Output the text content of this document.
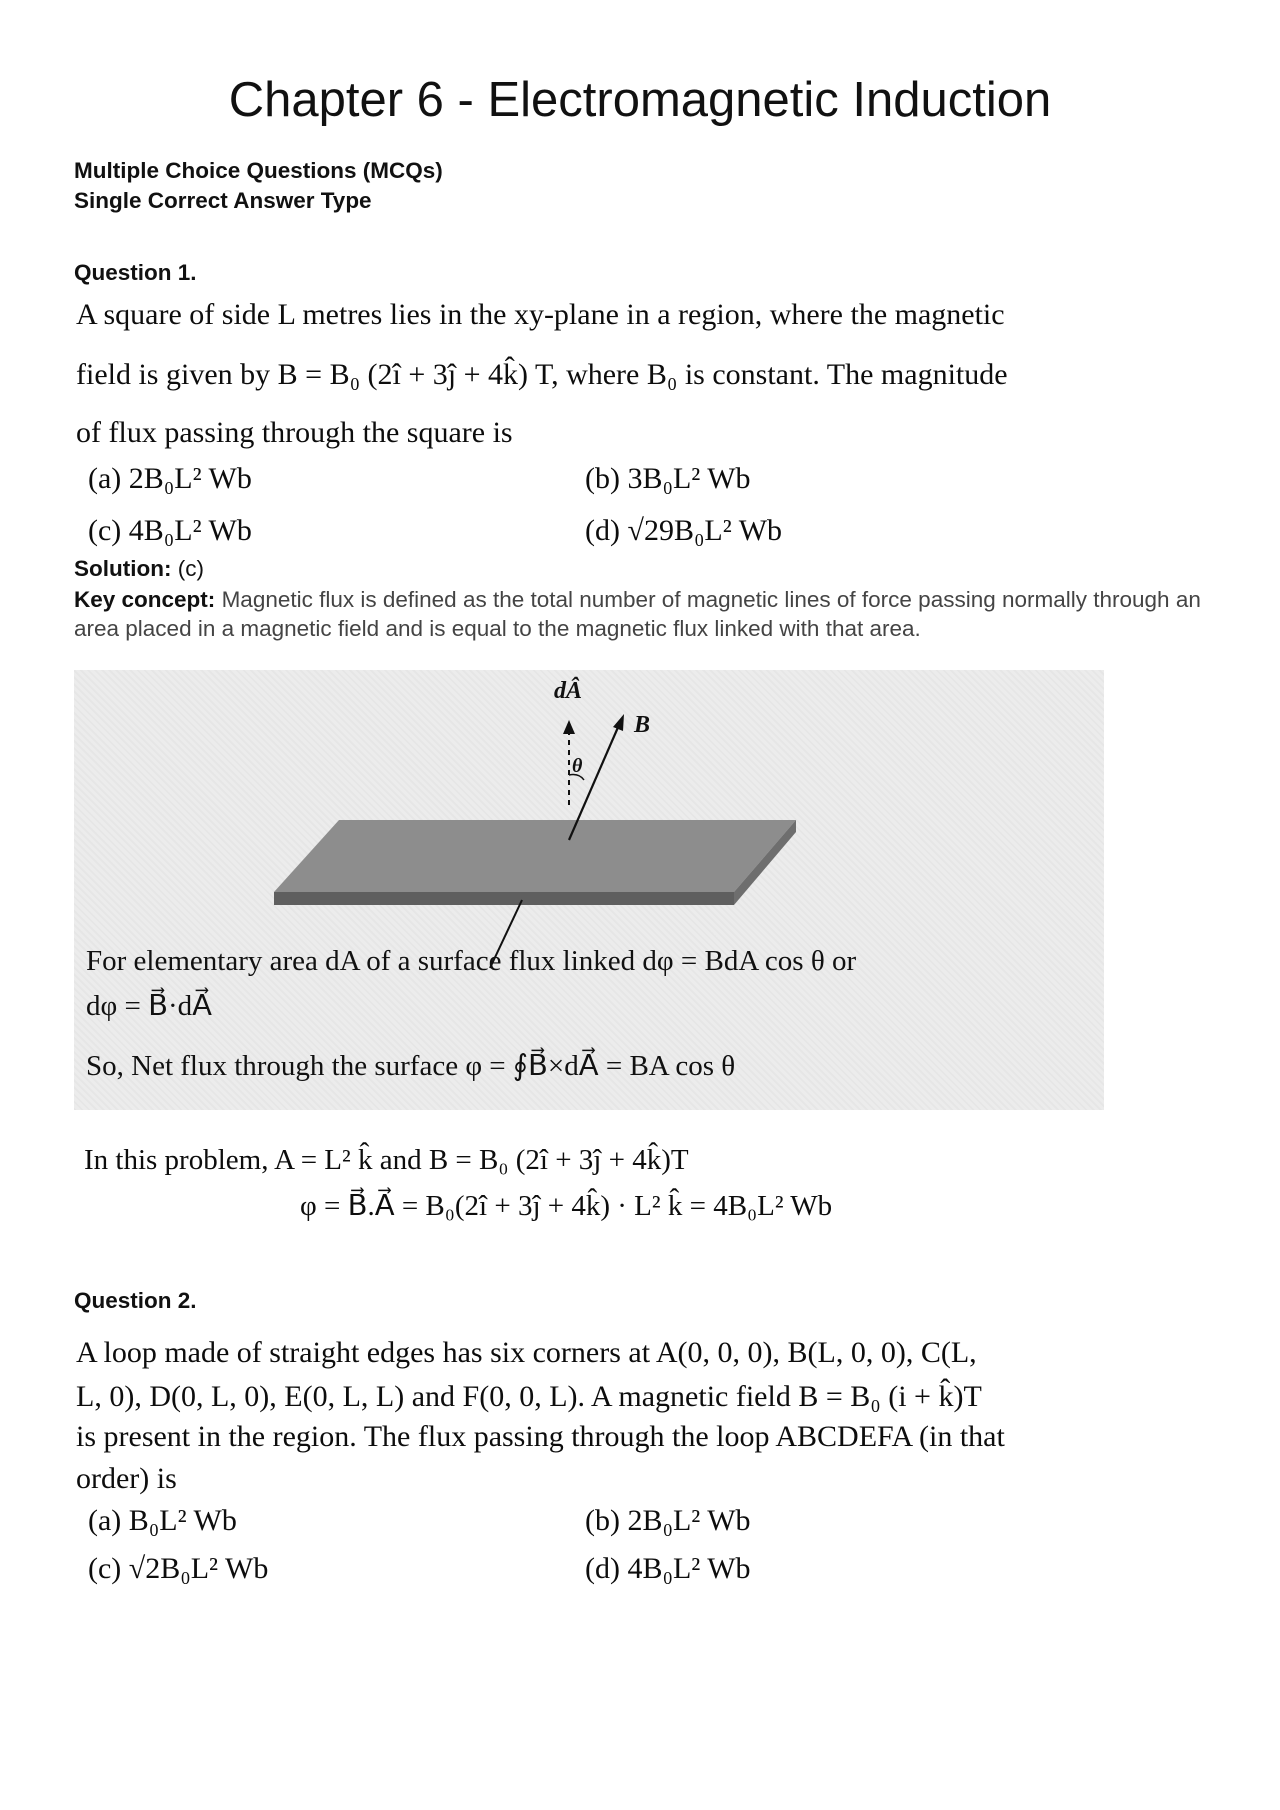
Chapter 6 - Electromagnetic Induction
Multiple Choice Questions (MCQs)
Single Correct Answer Type
Question 1.
A square of side L metres lies in the xy-plane in a region, where the magnetic
field is given by B = B₀ (2î + 3ĵ + 4k̂) T, where B₀ is constant. The magnitude
of flux passing through the square is
(a) 2B₀L² Wb	(b) 3B₀L² Wb
(c) 4B₀L² Wb	(d) √29B₀L² Wb
Solution: (c)
Key concept: Magnetic flux is defined as the total number of magnetic lines of force passing normally through an area placed in a magnetic field and is equal to the magnetic flux linked with that area.
dÂ
B⃗
θ
For elementary area dA of a surface flux linked dφ = BdA cos θ or
dφ = B⃗·dA⃗
So, Net flux through the surface φ = ∮B⃗×dA⃗ = BA cos θ
In this problem, A = L² k̂ and B = B₀ (2î + 3ĵ + 4k̂)T
φ = B⃗.A⃗ = B₀(2î + 3ĵ + 4k̂) · L² k̂ = 4B₀L² Wb
Question 2.
A loop made of straight edges has six corners at A(0, 0, 0), B(L, 0, 0), C(L,
L, 0), D(0, L, 0), E(0, L, L) and F(0, 0, L). A magnetic field B = B₀ (i + k̂)T
is present in the region. The flux passing through the loop ABCDEFA (in that
order) is
(a) B₀L² Wb	(b) 2B₀L² Wb
(c) √2B₀L² Wb	(d) 4B₀L² Wb
